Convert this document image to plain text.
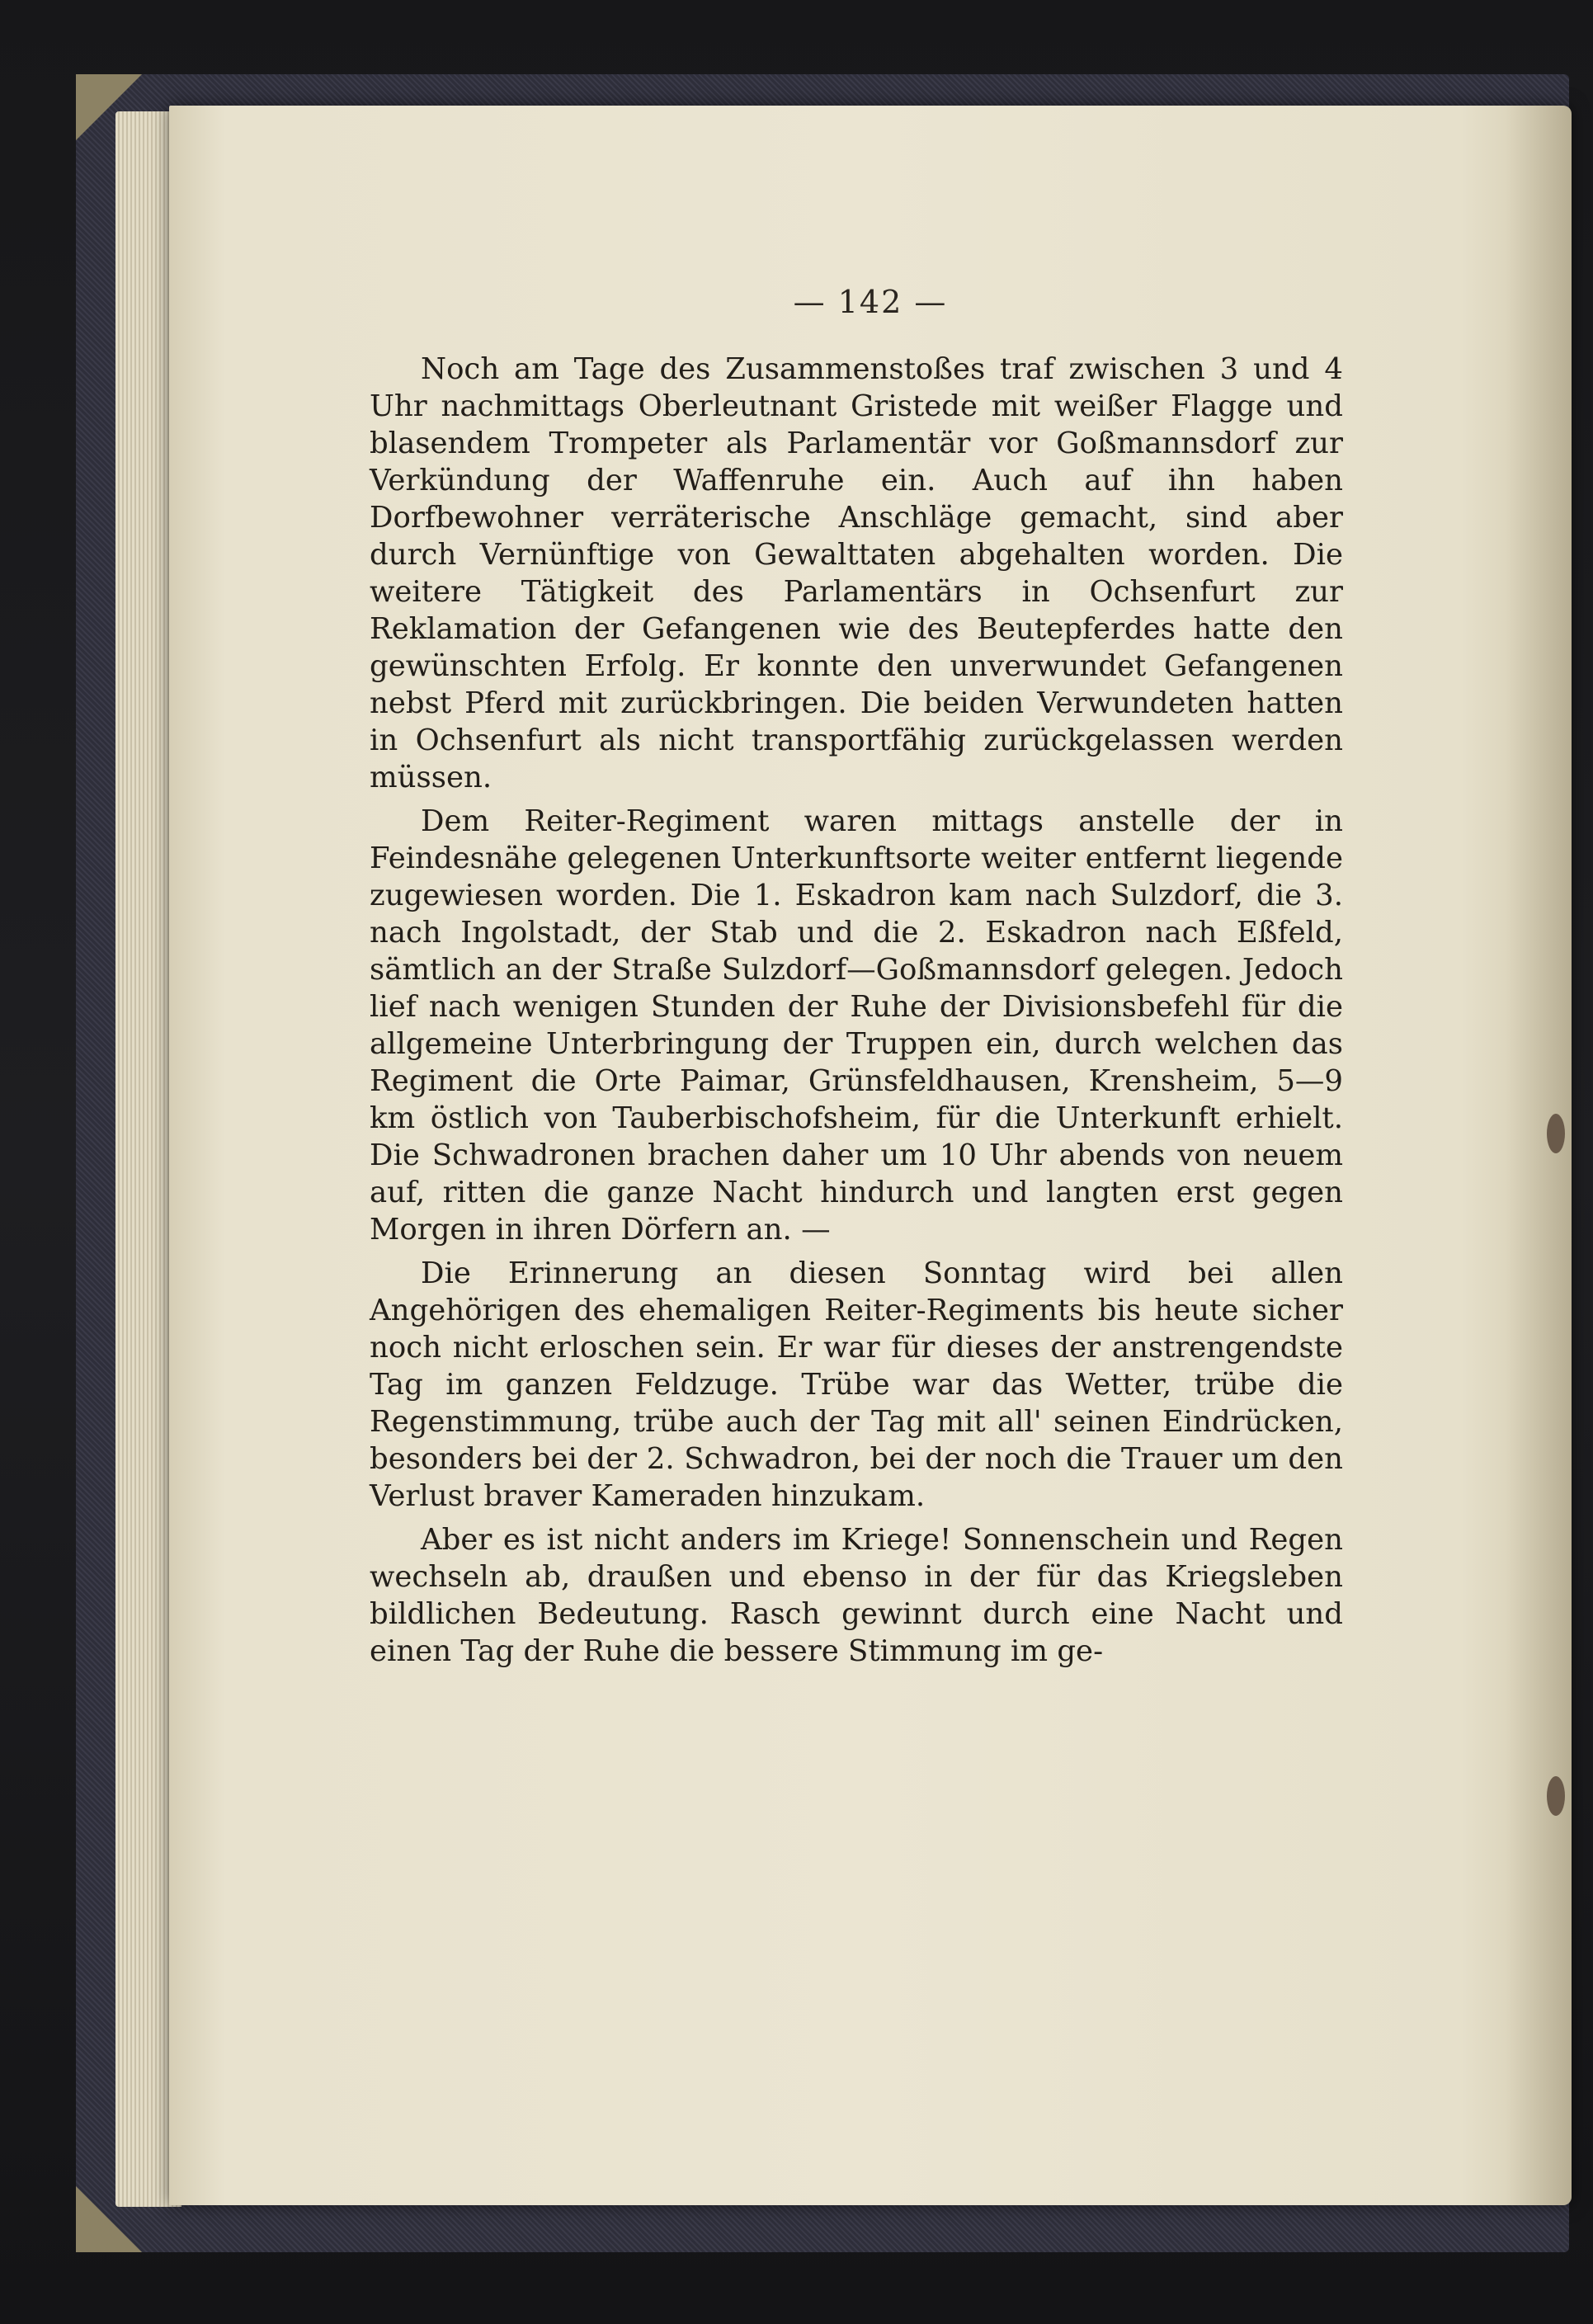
— 142 —

Noch am Tage des Zusammenstoßes traf zwischen 3 und 4 Uhr nachmittags Oberleutnant Gristede mit weißer Flagge und blasendem Trompeter als Parlamentär vor Goßmannsdorf zur Verkündung der Waffenruhe ein. Auch auf ihn haben Dorfbewohner verräterische Anschläge gemacht, sind aber durch Vernünftige von Gewalttaten abgehalten worden. Die weitere Tätigkeit des Parlamentärs in Ochsenfurt zur Reklamation der Gefangenen wie des Beutepferdes hatte den gewünschten Erfolg. Er konnte den unverwundet Gefangenen nebst Pferd mit zurückbringen. Die beiden Verwundeten hatten in Ochsenfurt als nicht transportfähig zurückgelassen werden müssen.

Dem Reiter-Regiment waren mittags anstelle der in Feindesnähe gelegenen Unterkunftsorte weiter entfernt liegende zugewiesen worden. Die 1. Eskadron kam nach Sulzdorf, die 3. nach Ingolstadt, der Stab und die 2. Eskadron nach Eßfeld, sämtlich an der Straße Sulzdorf—Goßmannsdorf gelegen. Jedoch lief nach wenigen Stunden der Ruhe der Divisionsbefehl für die allgemeine Unterbringung der Truppen ein, durch welchen das Regiment die Orte Paimar, Grünsfeldhausen, Krensheim, 5—9 km östlich von Tauberbischofsheim, für die Unterkunft erhielt. Die Schwadronen brachen daher um 10 Uhr abends von neuem auf, ritten die ganze Nacht hindurch und langten erst gegen Morgen in ihren Dörfern an. —

Die Erinnerung an diesen Sonntag wird bei allen Angehörigen des ehemaligen Reiter-Regiments bis heute sicher noch nicht erloschen sein. Er war für dieses der anstrengendste Tag im ganzen Feldzuge. Trübe war das Wetter, trübe die Regenstimmung, trübe auch der Tag mit all' seinen Eindrücken, besonders bei der 2. Schwadron, bei der noch die Trauer um den Verlust braver Kameraden hinzukam.

Aber es ist nicht anders im Kriege! Sonnenschein und Regen wechseln ab, draußen und ebenso in der für das Kriegsleben bildlichen Bedeutung. Rasch gewinnt durch eine Nacht und einen Tag der Ruhe die bessere Stimmung im ge-
